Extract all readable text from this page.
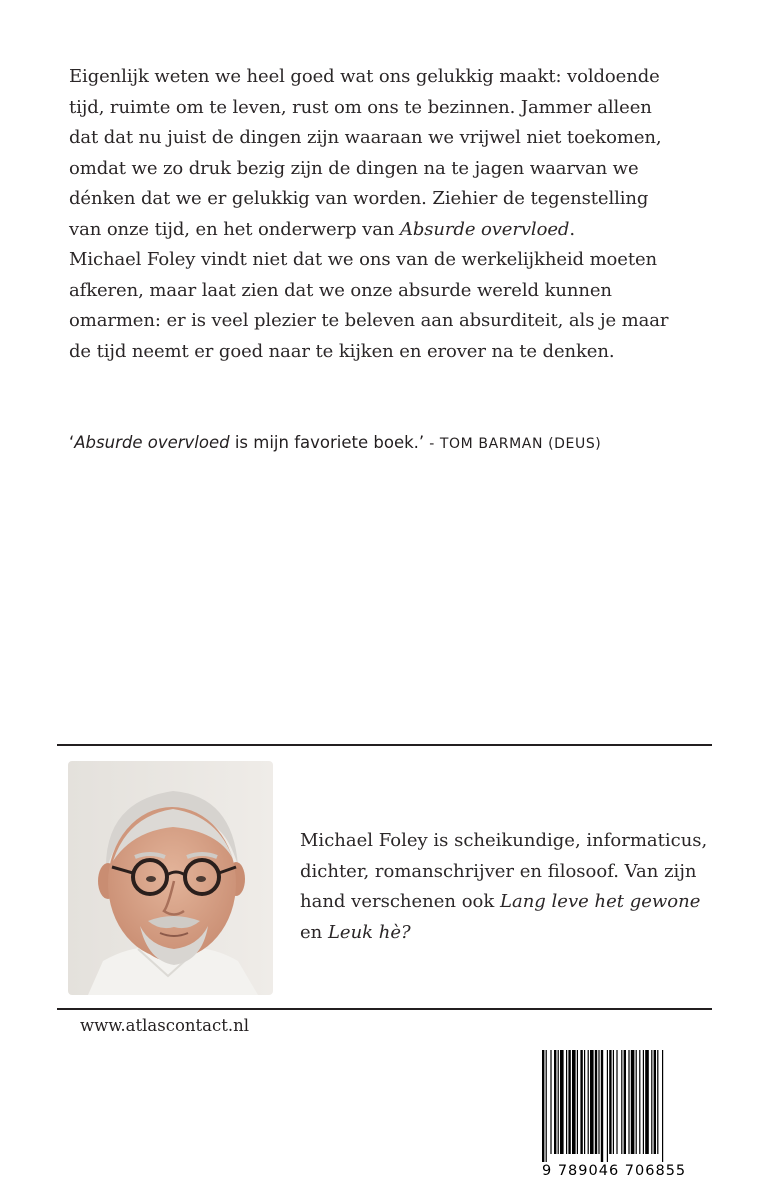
Eigenlijk weten we heel goed wat ons gelukkig maakt: voldoende
tijd, ruimte om te leven, rust om ons te bezinnen. Jammer alleen
dat dat nu juist de dingen zijn waaraan we vrijwel niet toekomen,
omdat we zo druk bezig zijn de dingen na te jagen waarvan we
dénken dat we er gelukkig van worden. Ziehier de tegenstelling
van onze tijd, en het onderwerp van Absurde overvloed.
Michael Foley vindt niet dat we ons van de werkelijkheid moeten
afkeren, maar laat zien dat we onze absurde wereld kunnen
omarmen: er is veel plezier te beleven aan absurditeit, als je maar
de tijd neemt er goed naar te kijken en erover na te denken.
‘Absurde overvloed is mijn favoriete boek.’ - TOM BARMAN (DEUS)
Michael Foley is scheikundige, informaticus,
dichter, romanschrijver en filosoof. Van zijn
hand verschenen ook Lang leve het gewone
en Leuk hè?
www.atlascontact.nl
9 789046 706855
